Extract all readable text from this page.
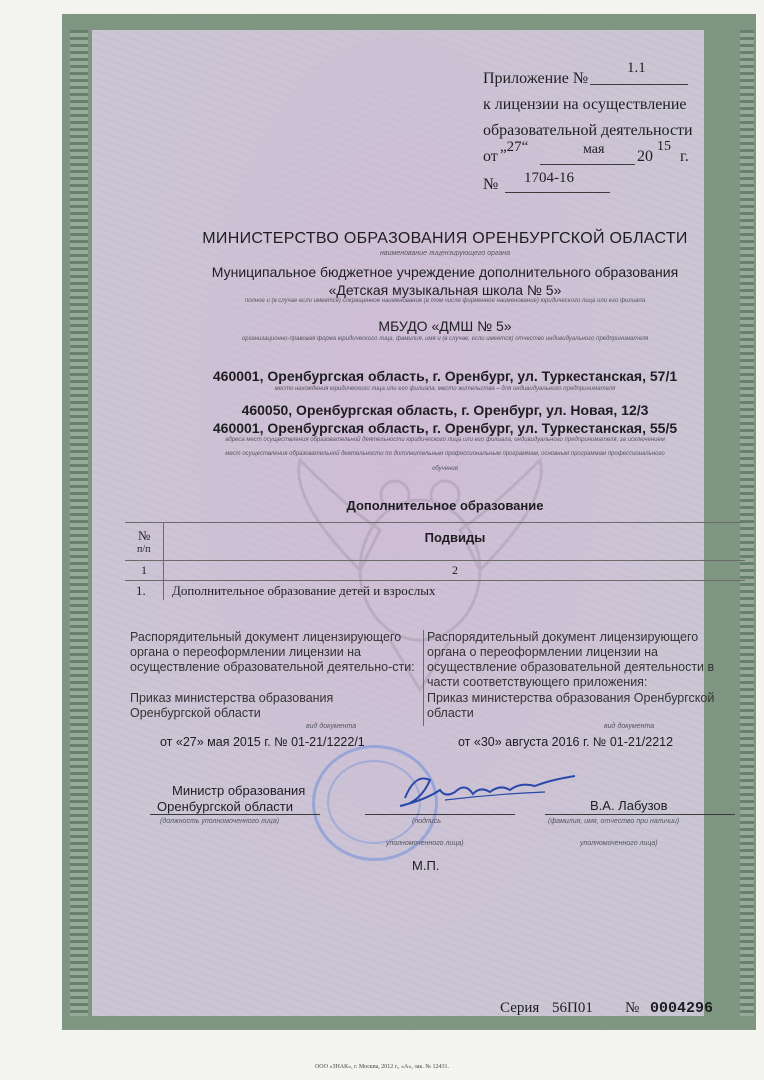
Приложение №
1.1
к лицензии на осуществление
образовательной деятельности
от
„27“	мая 20
15
г.
№ 1704-16
МИНИСТЕРСТВО ОБРАЗОВАНИЯ ОРЕНБУРГСКОЙ ОБЛАСТИ
наименование лицензирующего органа
Муниципальное бюджетное учреждение дополнительного образования
«Детская музыкальная школа № 5»
полное и (в случае если имеется) сокращенное наименование (в том числе фирменное наименование) юридического лица или его филиала
МБУДО «ДМШ № 5»
организационно-правовая форма юридического лица, фамилия, имя и (в случае, если имеется) отчество индивидуального предпринимателя
460001, Оренбургская область, г. Оренбург, ул. Туркестанская, 57/1
место нахождения юридического лица или его филиала, место жительства – для индивидуального предпринимателя
460050, Оренбургская область, г. Оренбург, ул. Новая, 12/3
460001, Оренбургская область, г. Оренбург, ул. Туркестанская, 55/5
адреса мест осуществления образовательной деятельности юридического лица или его филиала, индивидуального предпринимателя, за исключением
мест осуществления образовательной деятельности по дополнительным профессиональным программам, основным программам профессионального
обучения
Дополнительное образование
№
п/п
Подвиды
1	2
1. Дополнительное образование детей и взрослых
Распорядительный документ лицензирующего органа о переоформлении лицензии на осуществление образовательной деятельно-сти:
Приказ министерства образования Оренбургской области
вид документа
от «27» мая 2015 г. № 01-21/1222/1
Распорядительный документ лицензирующего органа о переоформлении лицензии на осуществление образовательной деятельности в части соответствующего приложения:
Приказ министерства образования Оренбургской области
вид документа
от «30» августа 2016 г. № 01-21/2212
Министр образования
Оренбургской области
(должность уполномоченного лица)	(подпись
уполномоченного лица)
В.А. Лабузов
(фамилия, имя, отчество при наличии)
уполномоченного лица)
М.П.
Серия 56П01 № 0004296
ООО «ЗНАК», г. Москва, 2012 г., «А», зак. № 12431.
